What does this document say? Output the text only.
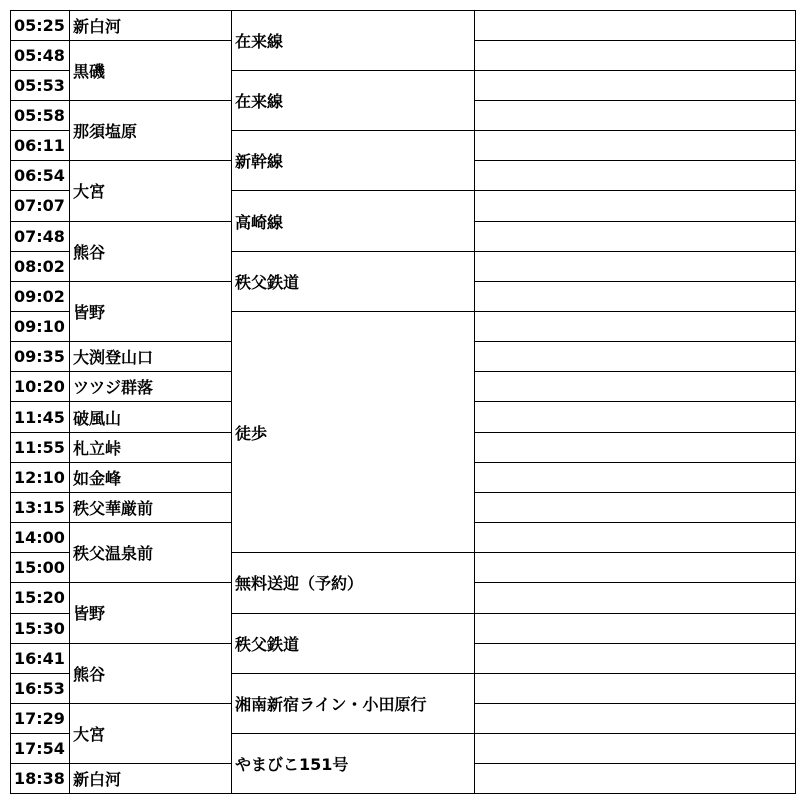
05:25
05:48
05:53
05:58
06:11
06:54
07:07
07:48
08:02
09:02
09:10
09:35
10:20
11:45
11:55
12:10
13:15
14:00
15:00
15:20
15:30
16:41
16:53
17:29
17:54
18:38
新白河
黒磯
那須塩原
大宮
熊谷
皆野
大渕登山口
ツツジ群落
破風山
札立峠
如金峰
秩父華厳前
秩父温泉前
皆野
熊谷
大宮
新白河
在来線
在来線
新幹線
高崎線
秩父鉄道
徒歩
無料送迎（予約）
秩父鉄道
湘南新宿ライン・小田原行
やまびこ151号
